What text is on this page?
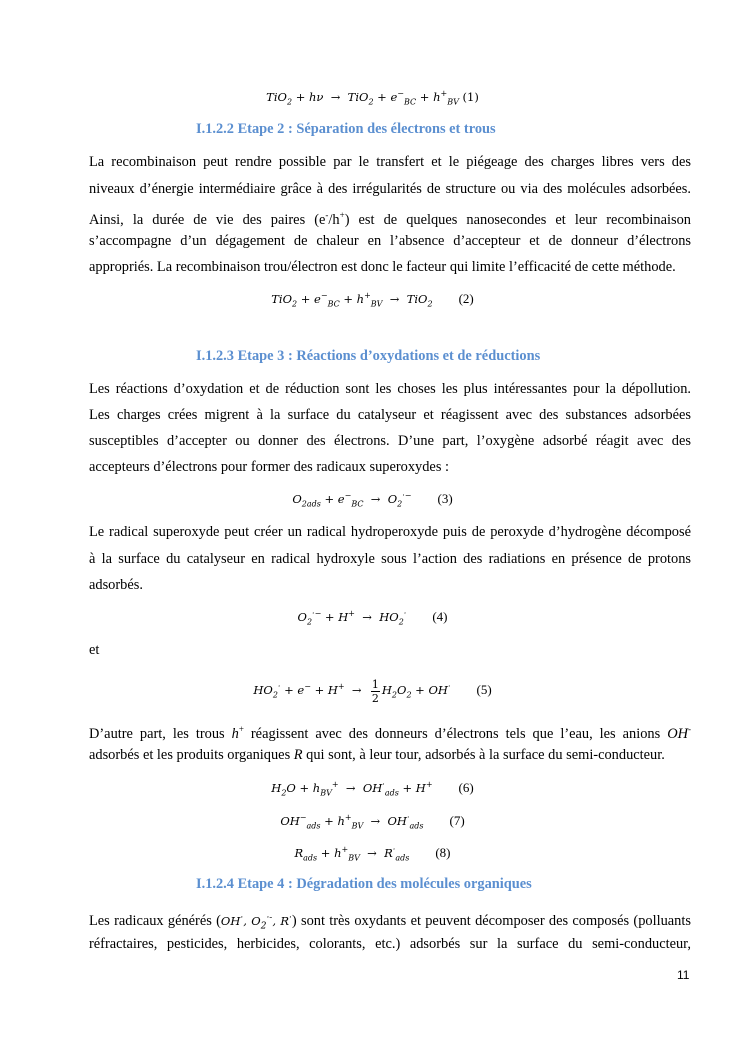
$TiO_2 + h\nu \to TiO_2 + e^-_{BC} + h^+_{BV}$ (1)
I.1.2.2 Etape 2 : Séparation des électrons et trous
La recombinaison peut rendre possible par le transfert et le piégeage des charges libres vers des
niveaux d’énergie intermédiaire grâce à des irrégularités de structure ou via des molécules adsorbées.
Ainsi, la durée de vie des paires (e-/h+) est de quelques nanosecondes et leur recombinaison
s’accompagne d’un dégagement de chaleur en l’absence d’accepteur et de donneur d’électrons
appropriés. La recombinaison trou/électron est donc le facteur qui limite l’efficacité de cette méthode.
$TiO_2 + e^-_{BC} + h^+_{BV} \to TiO_2$ (2)
I.1.2.3 Etape 3 : Réactions d’oxydations et de réductions
Les réactions d’oxydation et de réduction sont les choses les plus intéressantes pour la dépollution.
Les charges crées migrent à la surface du catalyseur et réagissent avec des substances adsorbées
susceptibles d’accepter ou donner des électrons. D’une part, l’oxygène adsorbé réagit avec des
accepteurs d’électrons pour former des radicaux superoxydes :
$O_{2ads} + e^-_{BC} \to O_2^{\cdot-}$ (3)
Le radical superoxyde peut créer un radical hydroperoxyde puis de peroxyde d’hydrogène décomposé
à la surface du catalyseur en radical hydroxyle sous l’action des radiations en présence de protons
adsorbés.
$O_2^{\cdot-} + H^+ \to HO_2^\cdot$ (4)
et
$HO_2^\cdot + e^- + H^+ \to \frac{1}{2} H_2O_2 + OH^\cdot$ (5)
D’autre part, les trous h+ réagissent avec des donneurs d’électrons tels que l’eau, les anions OH-
adsorbés et les produits organiques R qui sont, à leur tour, adsorbés à la surface du semi-conducteur.
$H_2O + h_{BV}^+ \to OH^\cdot_{ads} + H^+$ (6)
$OH^-_{ads} + h^+_{BV} \to OH^\cdot_{ads}$ (7)
$R_{ads} + h^+_{BV} \to R^\cdot_{ads}$ (8)
I.1.2.4 Etape 4 : Dégradation des molécules organiques
Les radicaux générés (OH·, $O_2^{\cdot-}$, R·) sont très oxydants et peuvent décomposer des composés (polluants
réfractaires, pesticides, herbicides, colorants, etc.) adsorbés sur la surface du semi-conducteur,
11
